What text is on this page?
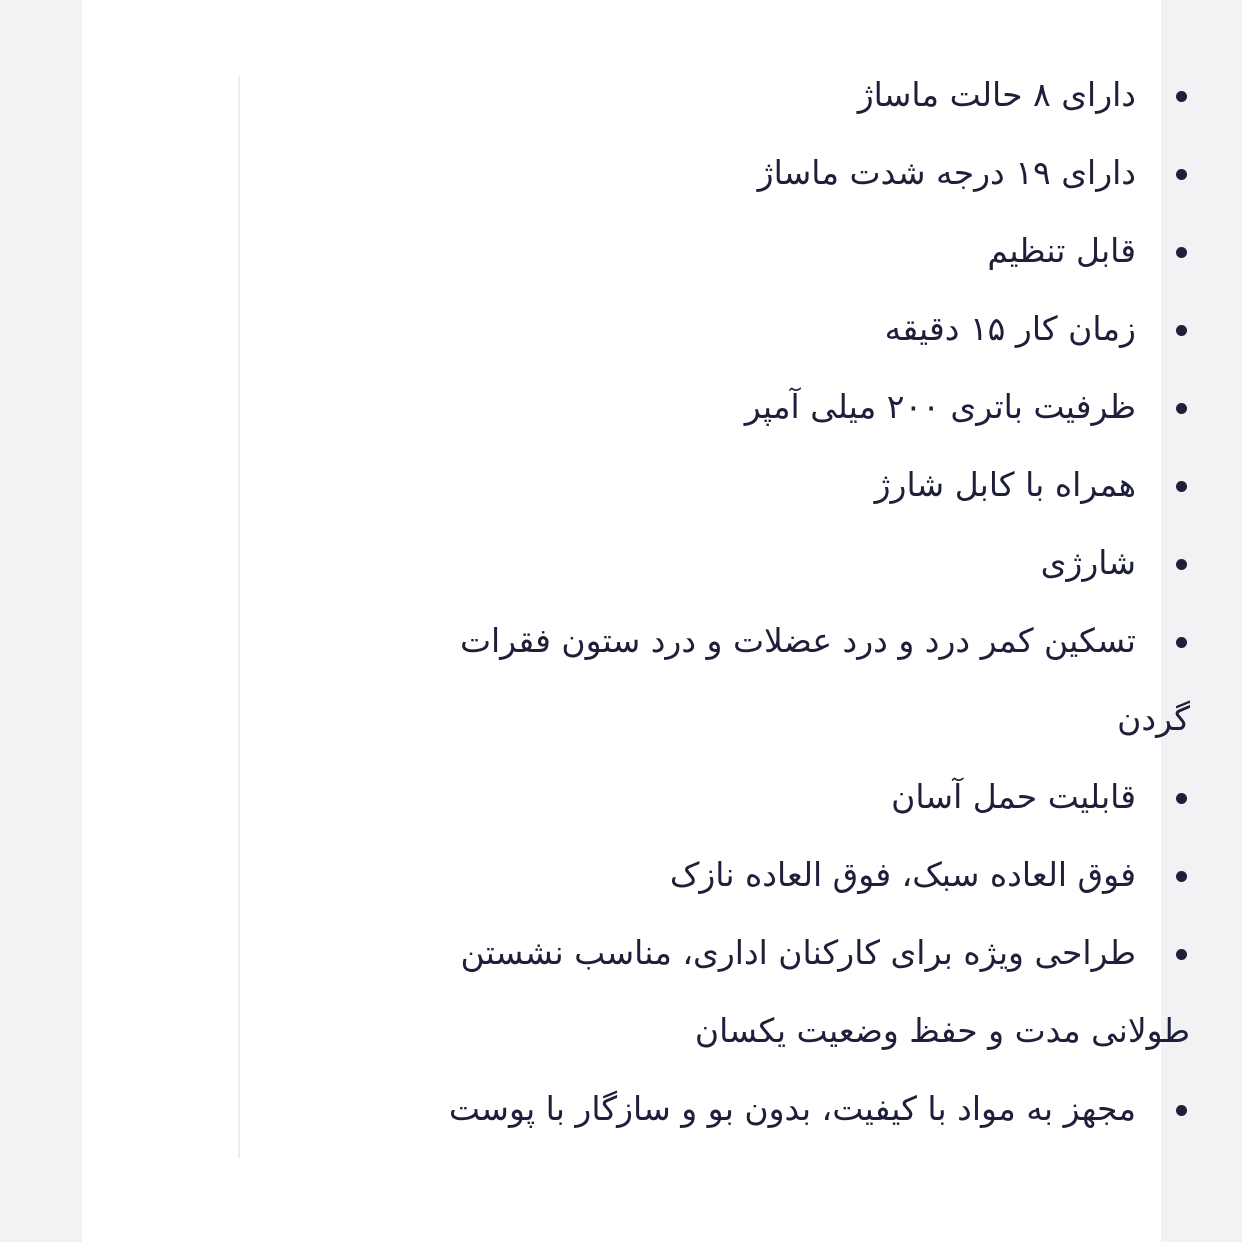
دارای ۸ حالت ماساژ
دارای ۱۹ درجه شدت ماساژ
قابل تنظیم
زمان کار ۱۵ دقیقه
ظرفیت باتری ۲۰۰ میلی آمپر
همراه با کابل شارژ
شارژی
تسکین کمر درد و درد عضلات و درد ستون فقرات
گردن
قابلیت حمل آسان
فوق العاده سبک، فوق العاده نازک
طراحی ویژه برای کارکنان اداری، مناسب نشستن
طولانی مدت و حفظ وضعیت یکسان
مجهز به مواد با کیفیت، بدون بو و سازگار با پوست
